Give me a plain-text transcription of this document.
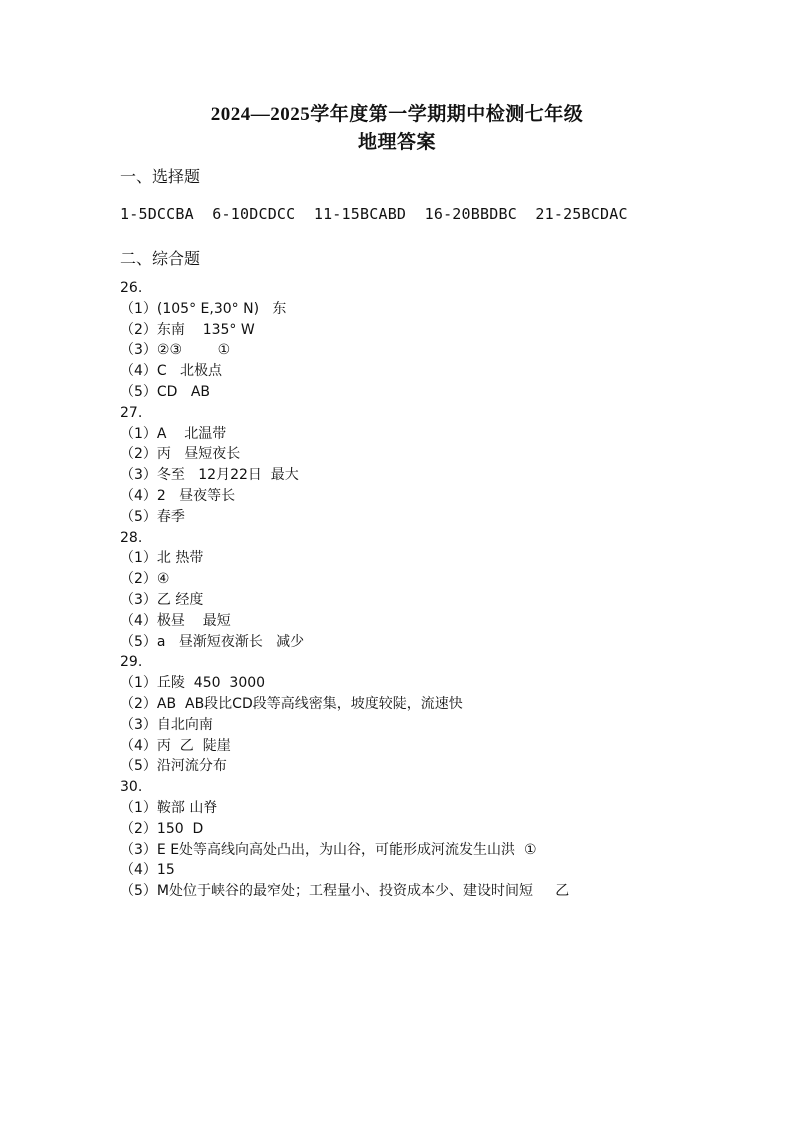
2024—2025学年度第一学期期中检测七年级
地理答案
一、选择题
1-5DCCBA  6-10DCDCC  11-15BCABD  16-20BBDBC  21-25BCDAC
二、综合题
26.
（1）(105° E,30° N)   东
（2）东南    135° W
（3）②③        ①
（4）C   北极点
（5）CD   AB
27.
（1）A    北温带
（2）丙   昼短夜长
（3）冬至   12月22日  最大
（4）2   昼夜等长
（5）春季
28.
（1）北 热带
（2）④
（3）乙 经度
（4）极昼    最短
（5）a   昼渐短夜渐长   减少
29.
（1）丘陵  450  3000
（2）AB  AB段比CD段等高线密集，坡度较陡，流速快
（3）自北向南
（4）丙  乙  陡崖
（5）沿河流分布
30.
（1）鞍部 山脊
（2）150  D
（3）E E处等高线向高处凸出，为山谷，可能形成河流发生山洪  ①
（4）15
（5）M处位于峡谷的最窄处；工程量小、投资成本少、建设时间短     乙
